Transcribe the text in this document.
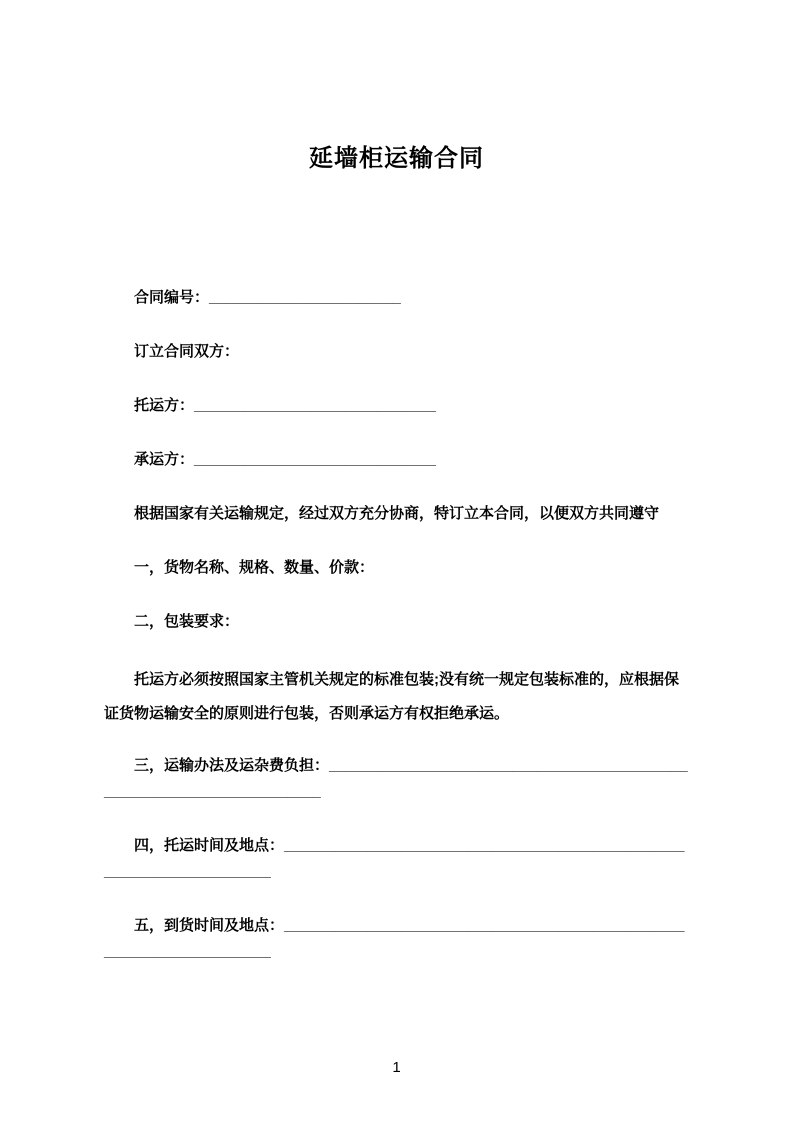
延墙柜运输合同

合同编号：_______________________

订立合同双方：

托运方：_____________________________

承运方：_____________________________

根据国家有关运输规定，经过双方充分协商，特订立本合同，以便双方共同遵守

一，货物名称、规格、数量、价款：

二，包装要求：

托运方必须按照国家主管机关规定的标准包装;没有统一规定包装标准的，应根据保证货物运输安全的原则进行包装，否则承运方有权拒绝承运。

三，运输办法及运杂费负担：_____________________________________________________________________

四，托运时间及地点：____________________________________________________________________

五，到货时间及地点：____________________________________________________________________

1
